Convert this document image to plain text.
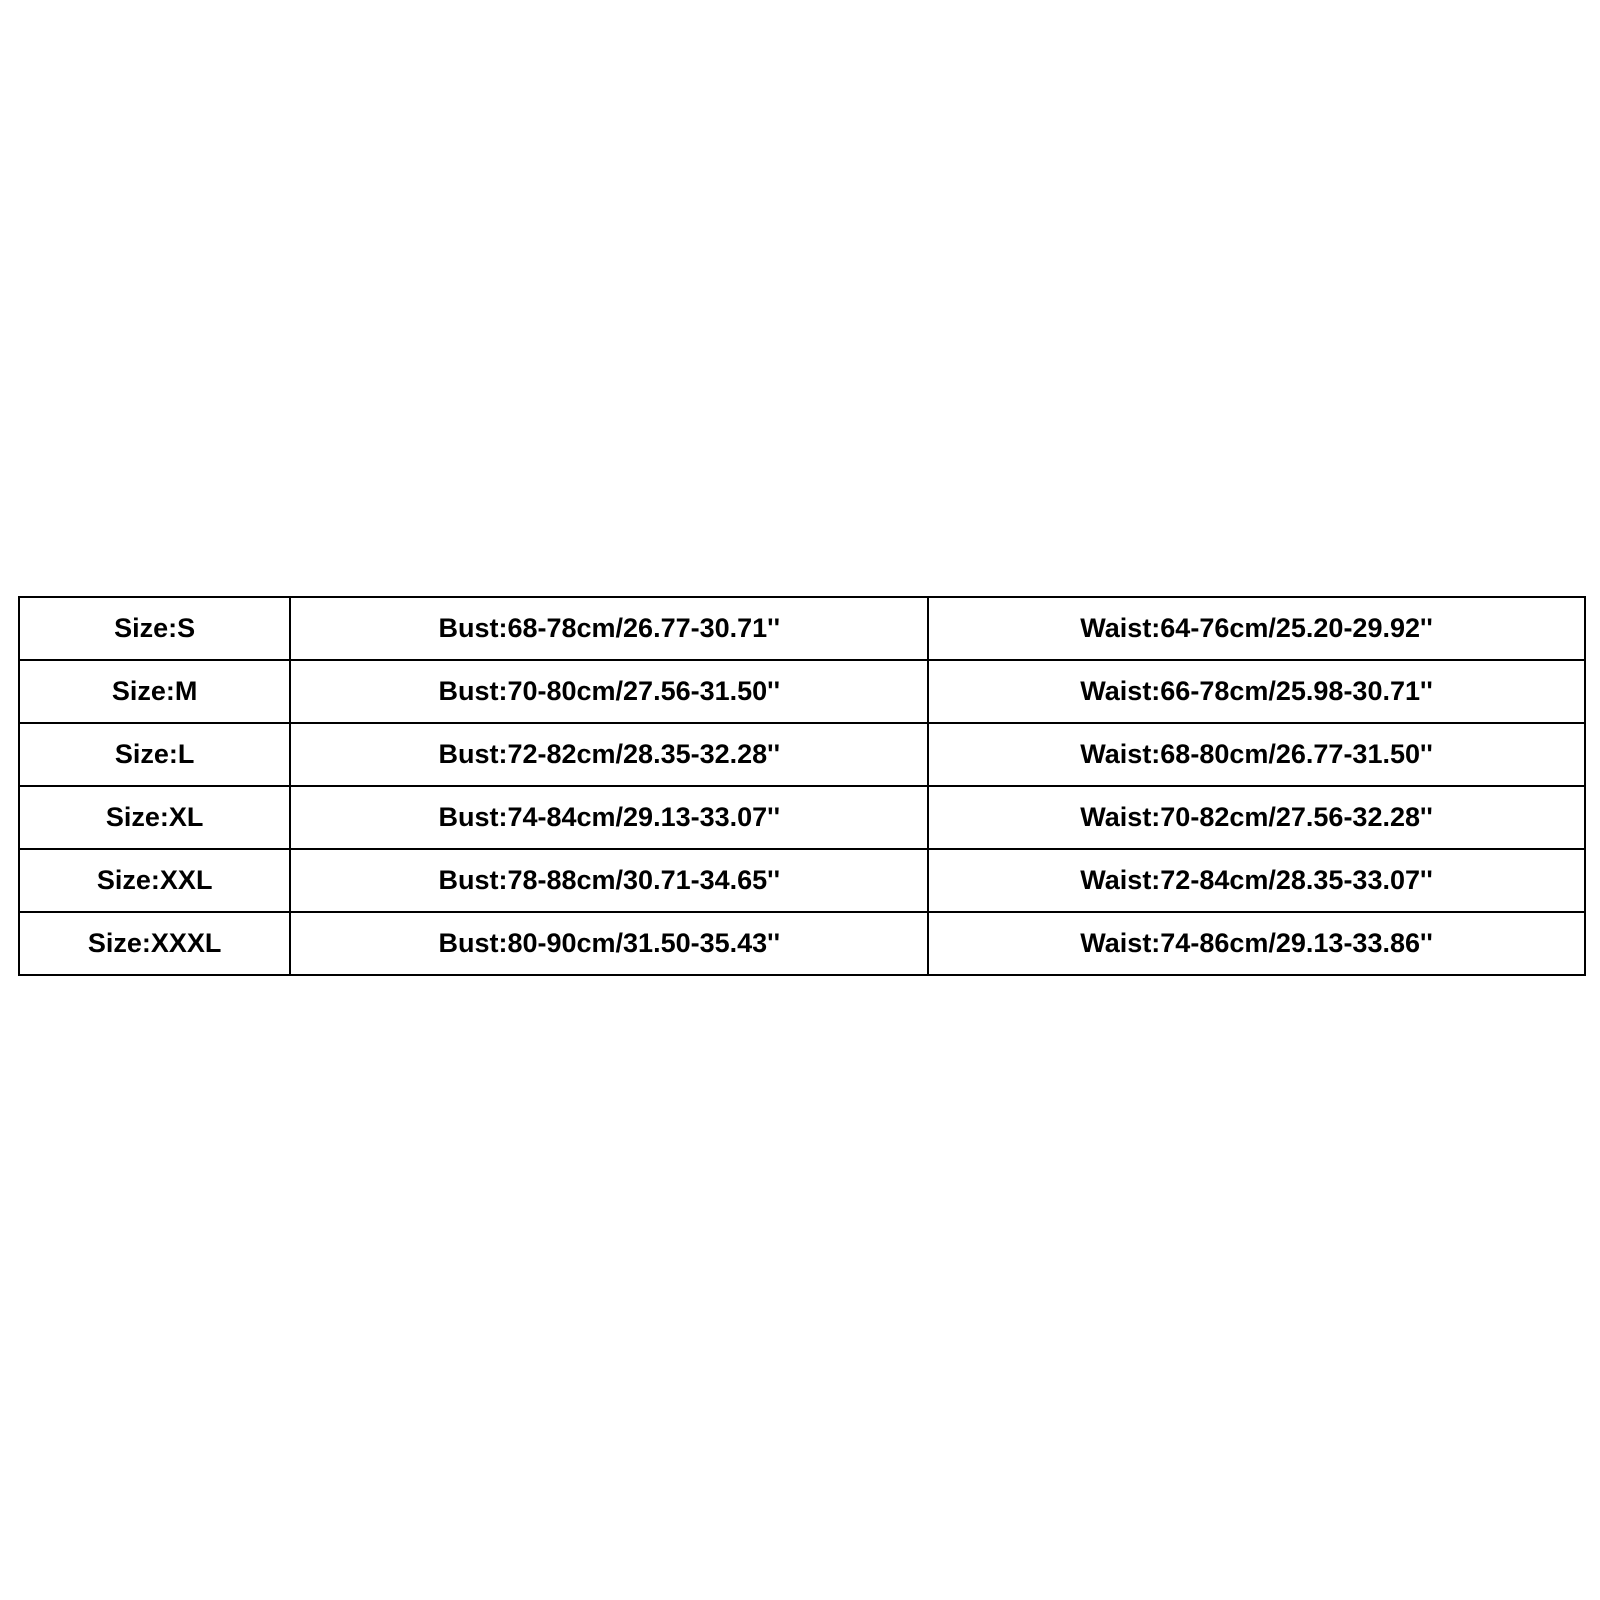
Size:S	Bust:68-78cm/26.77-30.71''	Waist:64-76cm/25.20-29.92''
Size:M	Bust:70-80cm/27.56-31.50''	Waist:66-78cm/25.98-30.71''
Size:L	Bust:72-82cm/28.35-32.28''	Waist:68-80cm/26.77-31.50''
Size:XL	Bust:74-84cm/29.13-33.07''	Waist:70-82cm/27.56-32.28''
Size:XXL	Bust:78-88cm/30.71-34.65''	Waist:72-84cm/28.35-33.07''
Size:XXXL	Bust:80-90cm/31.50-35.43''	Waist:74-86cm/29.13-33.86''
